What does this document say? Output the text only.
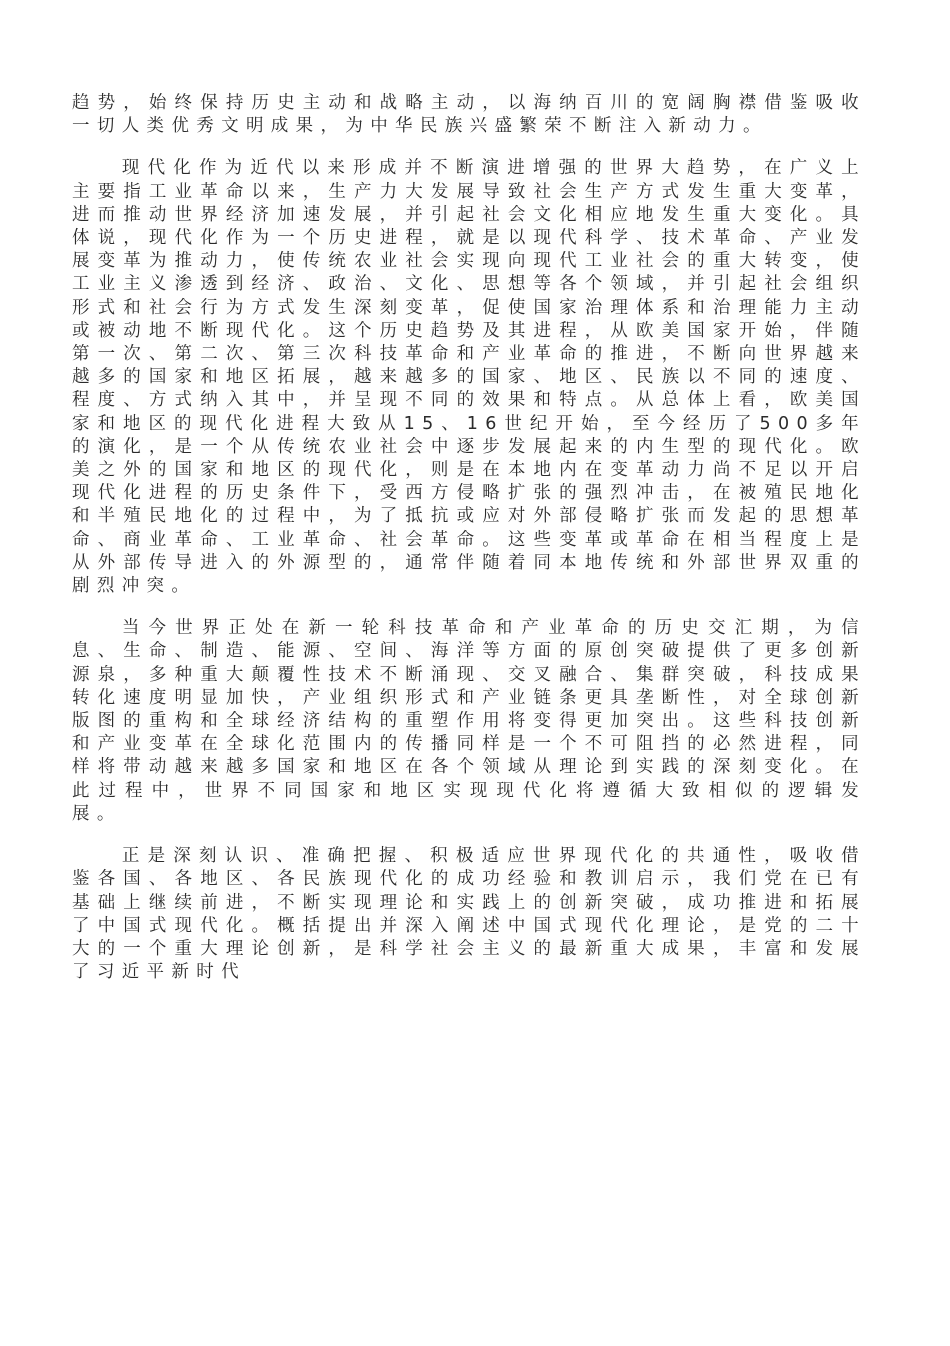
趋势，始终保持历史主动和战略主动，以海纳百川的宽阔胸襟借鉴吸收一切人类优秀文明成果，为中华民族兴盛繁荣不断注入新动力。

现代化作为近代以来形成并不断演进增强的世界大趋势，在广义上主要指工业革命以来，生产力大发展导致社会生产方式发生重大变革，进而推动世界经济加速发展，并引起社会文化相应地发生重大变化。具体说，现代化作为一个历史进程，就是以现代科学、技术革命、产业发展变革为推动力，使传统农业社会实现向现代工业社会的重大转变，使工业主义渗透到经济、政治、文化、思想等各个领域，并引起社会组织形式和社会行为方式发生深刻变革，促使国家治理体系和治理能力主动或被动地不断现代化。这个历史趋势及其进程，从欧美国家开始，伴随第一次、第二次、第三次科技革命和产业革命的推进，不断向世界越来越多的国家和地区拓展，越来越多的国家、地区、民族以不同的速度、程度、方式纳入其中，并呈现不同的效果和特点。从总体上看，欧美国家和地区的现代化进程大致从15、16世纪开始，至今经历了500多年的演化，是一个从传统农业社会中逐步发展起来的内生型的现代化。欧美之外的国家和地区的现代化，则是在本地内在变革动力尚不足以开启现代化进程的历史条件下，受西方侵略扩张的强烈冲击，在被殖民地化和半殖民地化的过程中，为了抵抗或应对外部侵略扩张而发起的思想革命、商业革命、工业革命、社会革命。这些变革或革命在相当程度上是从外部传导进入的外源型的，通常伴随着同本地传统和外部世界双重的剧烈冲突。

当今世界正处在新一轮科技革命和产业革命的历史交汇期，为信息、生命、制造、能源、空间、海洋等方面的原创突破提供了更多创新源泉，多种重大颠覆性技术不断涌现、交叉融合、集群突破，科技成果转化速度明显加快，产业组织形式和产业链条更具垄断性，对全球创新版图的重构和全球经济结构的重塑作用将变得更加突出。这些科技创新和产业变革在全球化范围内的传播同样是一个不可阻挡的必然进程，同样将带动越来越多国家和地区在各个领域从理论到实践的深刻变化。在此过程中，世界不同国家和地区实现现代化将遵循大致相似的逻辑发展。

正是深刻认识、准确把握、积极适应世界现代化的共通性，吸收借鉴各国、各地区、各民族现代化的成功经验和教训启示，我们党在已有基础上继续前进，不断实现理论和实践上的创新突破，成功推进和拓展了中国式现代化。概括提出并深入阐述中国式现代化理论，是党的二十大的一个重大理论创新，是科学社会主义的最新重大成果，丰富和发展了习近平新时代
